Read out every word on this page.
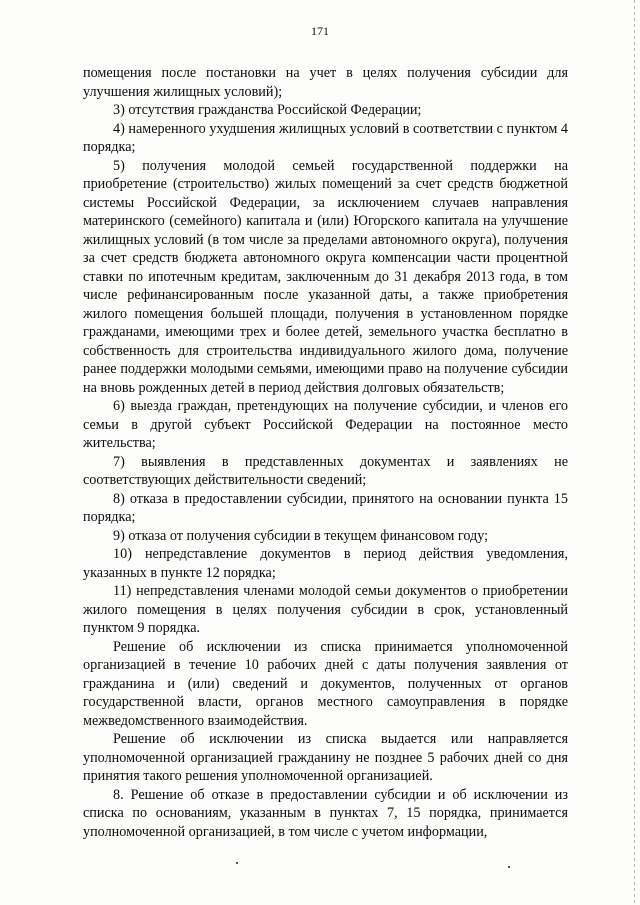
171

помещения после постановки на учет в целях получения субсидии для улучшения жилищных условий);

3) отсутствия гражданства Российской Федерации;

4) намеренного ухудшения жилищных условий в соответствии с пунктом 4 порядка;

5) получения молодой семьей государственной поддержки на приобретение (строительство) жилых помещений за счет средств бюджетной системы Российской Федерации, за исключением случаев направления материнского (семейного) капитала и (или) Югорского капитала на улучшение жилищных условий (в том числе за пределами автономного округа), получения за счет средств бюджета автономного округа компенсации части процентной ставки по ипотечным кредитам, заключенным до 31 декабря 2013 года, в том числе рефинансированным после указанной даты, а также приобретения жилого помещения большей площади, получения в установленном порядке гражданами, имеющими трех и более детей, земельного участка бесплатно в собственность для строительства индивидуального жилого дома, получение ранее поддержки молодыми семьями, имеющими право на получение субсидии на вновь рожденных детей в период действия долговых обязательств;

6) выезда граждан, претендующих на получение субсидии, и членов его семьи в другой субъект Российской Федерации на постоянное место жительства;

7) выявления в представленных документах и заявлениях не соответствующих действительности сведений;

8) отказа в предоставлении субсидии, принятого на основании пункта 15 порядка;

9) отказа от получения субсидии в текущем финансовом году;

10) непредставление документов в период действия уведомления, указанных в пункте 12 порядка;

11) непредставления членами молодой семьи документов о приобретении жилого помещения в целях получения субсидии в срок, установленный пунктом 9 порядка.

Решение об исключении из списка принимается уполномоченной организацией в течение 10 рабочих дней с даты получения заявления от гражданина и (или) сведений и документов, полученных от органов государственной власти, органов местного самоуправления в порядке межведомственного взаимодействия.

Решение об исключении из списка выдается или направляется уполномоченной организацией гражданину не позднее 5 рабочих дней со дня принятия такого решения уполномоченной организацией.

8. Решение об отказе в предоставлении субсидии и об исключении из списка по основаниям, указанным в пунктах 7, 15 порядка, принимается уполномоченной организацией, в том числе с учетом информации,
